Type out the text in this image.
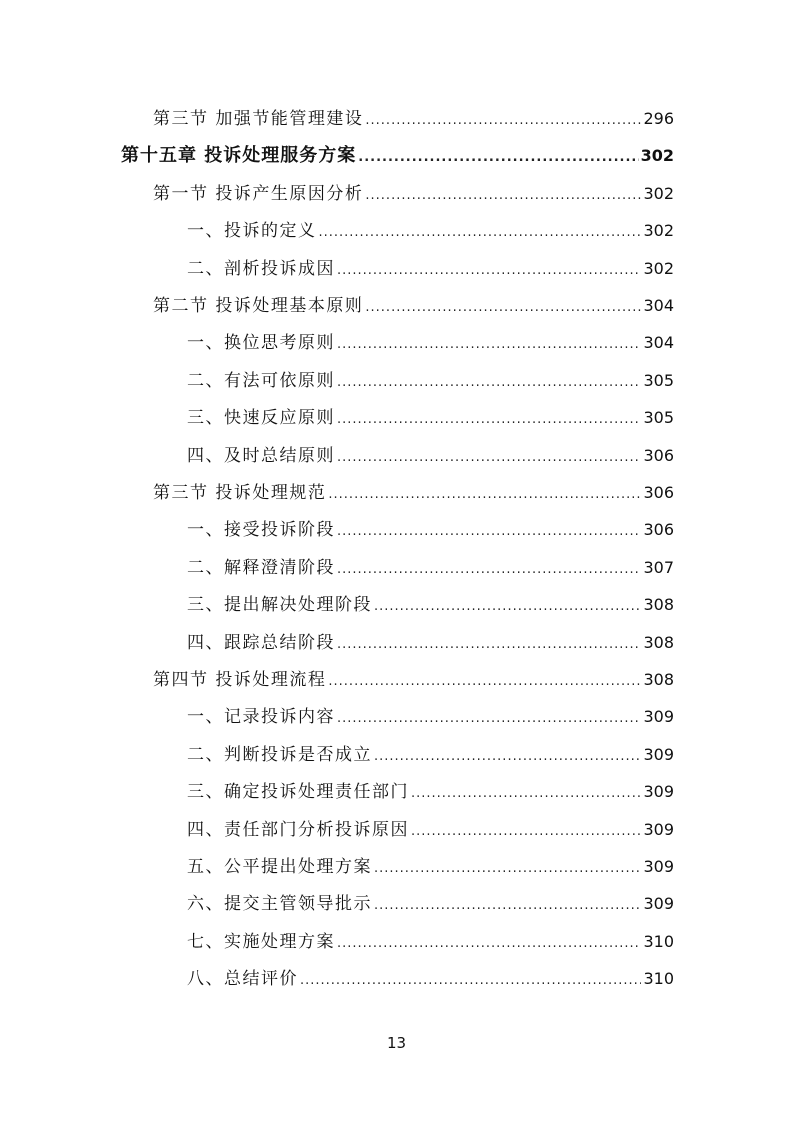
第三节 加强节能管理建设 .....	296
第十五章 投诉处理服务方案 .....	302
第一节 投诉产生原因分析 .....	302
一、投诉的定义 .....	302
二、剖析投诉成因 .....	302
第二节 投诉处理基本原则 .....	304
一、换位思考原则 .....	304
二、有法可依原则 .....	305
三、快速反应原则 .....	305
四、及时总结原则 .....	306
第三节 投诉处理规范 .....	306
一、接受投诉阶段 .....	306
二、解释澄清阶段 .....	307
三、提出解决处理阶段 .....	308
四、跟踪总结阶段 .....	308
第四节 投诉处理流程 .....	308
一、记录投诉内容 .....	309
二、判断投诉是否成立 .....	309
三、确定投诉处理责任部门 .....	309
四、责任部门分析投诉原因 .....	309
五、公平提出处理方案 .....	309
六、提交主管领导批示 .....	309
七、实施处理方案 .....	310
八、总结评价 .....	310
13
